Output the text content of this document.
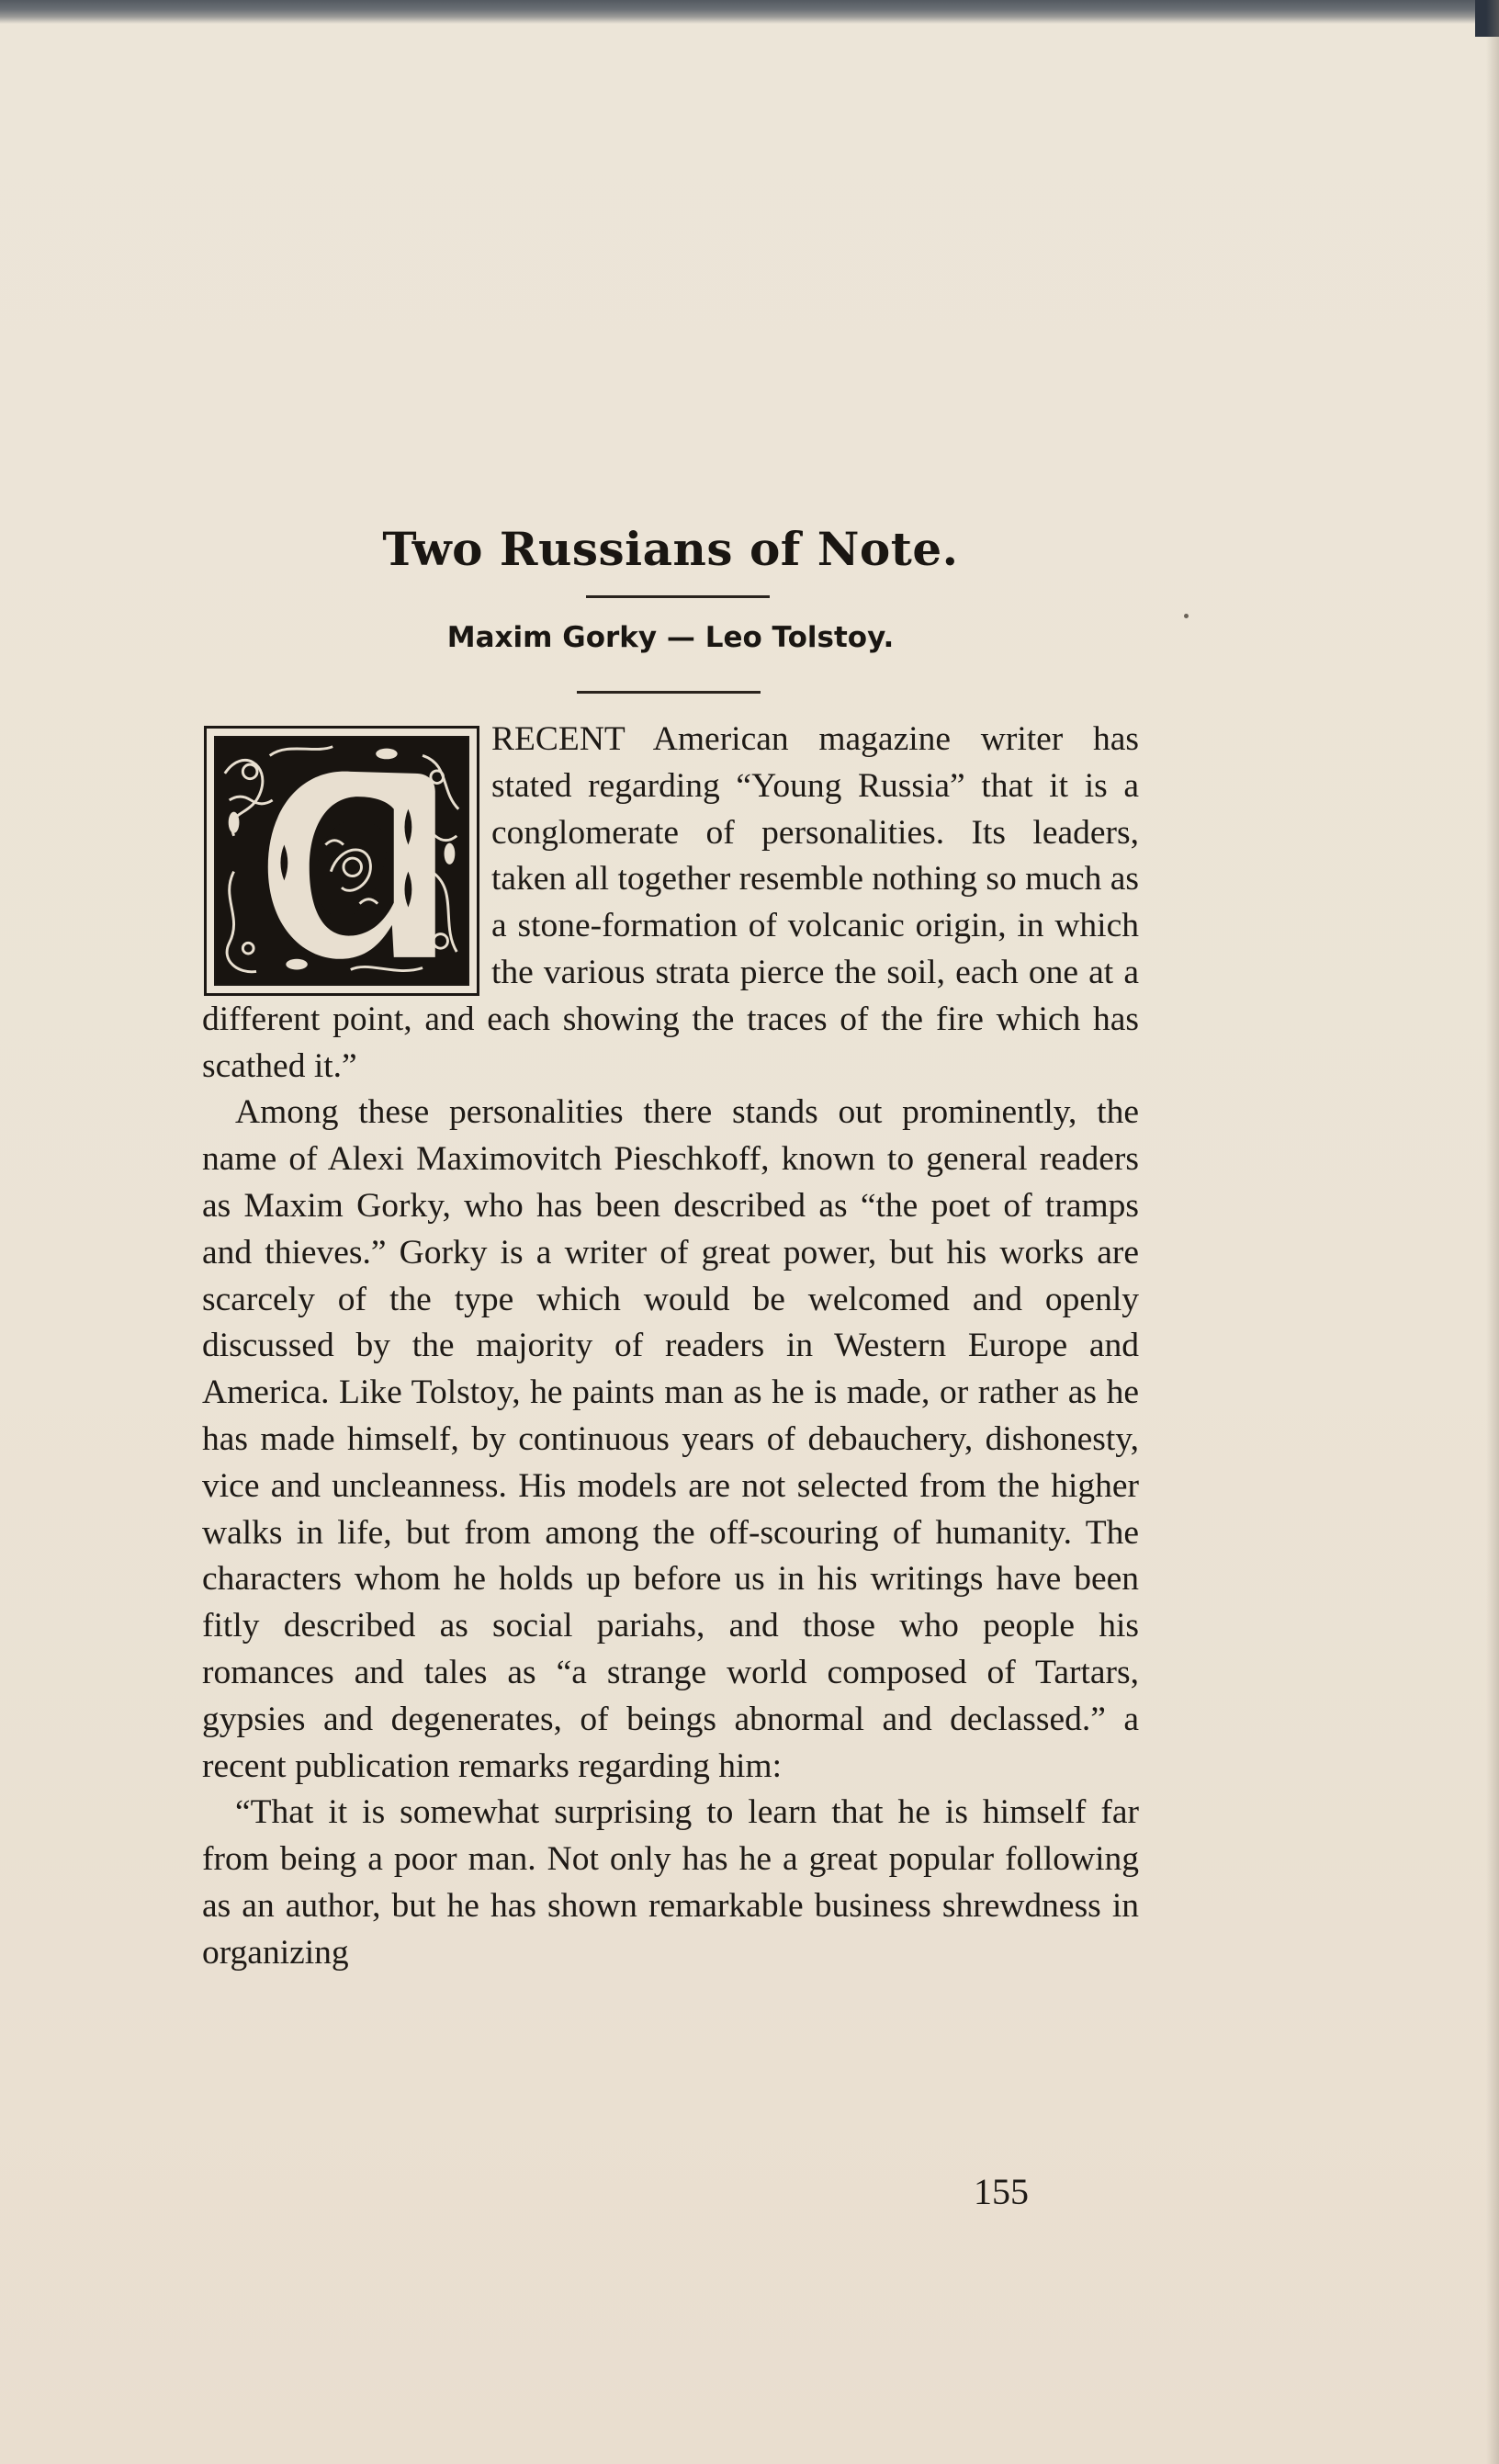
Two Russians of Note.
Maxim Gorky — Leo Tolstoy.

RECENT American magazine writer has stated regarding “Young Russia” that it is a conglomerate of personalities. Its leaders, taken all together resemble nothing so much as a stone-formation of volcanic origin, in which the various strata pierce the soil, each one at a different point, and each showing the traces of the fire which has scathed it.”

Among these personalities there stands out prominently, the name of Alexi Maximovitch Pieschkoff, known to general readers as Maxim Gorky, who has been described as “the poet of tramps and thieves.” Gorky is a writer of great power, but his works are scarcely of the type which would be welcomed and openly discussed by the majority of readers in Western Europe and America. Like Tolstoy, he paints man as he is made, or rather as he has made himself, by continuous years of debauchery, dishonesty, vice and uncleanness. His models are not selected from the higher walks in life, but from among the off-scouring of humanity. The characters whom he holds up before us in his writings have been fitly described as social pariahs, and those who people his romances and tales as “a strange world composed of Tartars, gypsies and degenerates, of beings abnormal and declassed.” a recent publication remarks regarding him:

“That it is somewhat surprising to learn that he is himself far from being a poor man. Not only has he a great popular following as an author, but he has shown remarkable business shrewdness in organizing

155
